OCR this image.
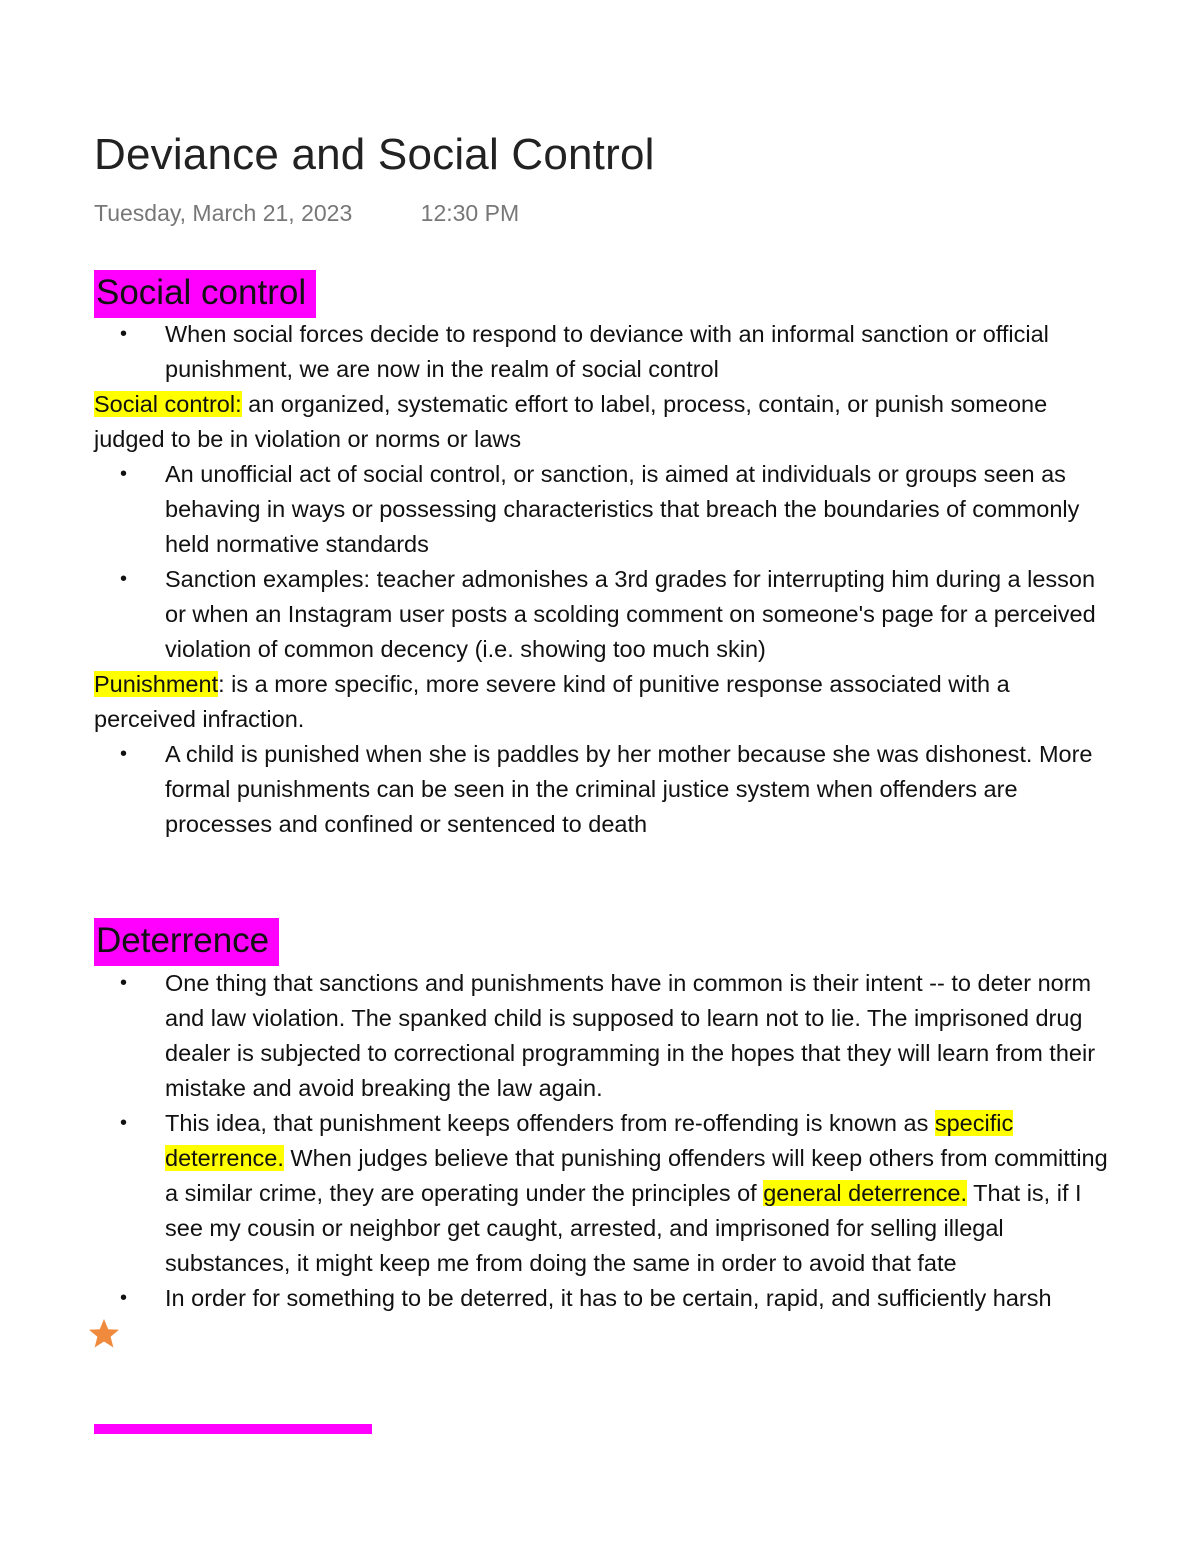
Deviance and Social Control
Tuesday, March 21, 2023	12:30 PM
Social control
• When social forces decide to respond to deviance with an informal sanction or official punishment, we are now in the realm of social control
Social control: an organized, systematic effort to label, process, contain, or punish someone judged to be in violation or norms or laws
• An unofficial act of social control, or sanction, is aimed at individuals or groups seen as behaving in ways or possessing characteristics that breach the boundaries of commonly held normative standards
• Sanction examples: teacher admonishes a 3rd grades for interrupting him during a lesson or when an Instagram user posts a scolding comment on someone's page for a perceived violation of common decency (i.e. showing too much skin)
Punishment: is a more specific, more severe kind of punitive response associated with a perceived infraction.
• A child is punished when she is paddles by her mother because she was dishonest. More formal punishments can be seen in the criminal justice system when offenders are processes and confined or sentenced to death
Deterrence
• One thing that sanctions and punishments have in common is their intent -- to deter norm and law violation. The spanked child is supposed to learn not to lie. The imprisoned drug dealer is subjected to correctional programming in the hopes that they will learn from their mistake and avoid breaking the law again.
• This idea, that punishment keeps offenders from re-offending is known as specific deterrence. When judges believe that punishing offenders will keep others from committing a similar crime, they are operating under the principles of general deterrence. That is, if I see my cousin or neighbor get caught, arrested, and imprisoned for selling illegal substances, it might keep me from doing the same in order to avoid that fate
• In order for something to be deterred, it has to be certain, rapid, and sufficiently harsh
